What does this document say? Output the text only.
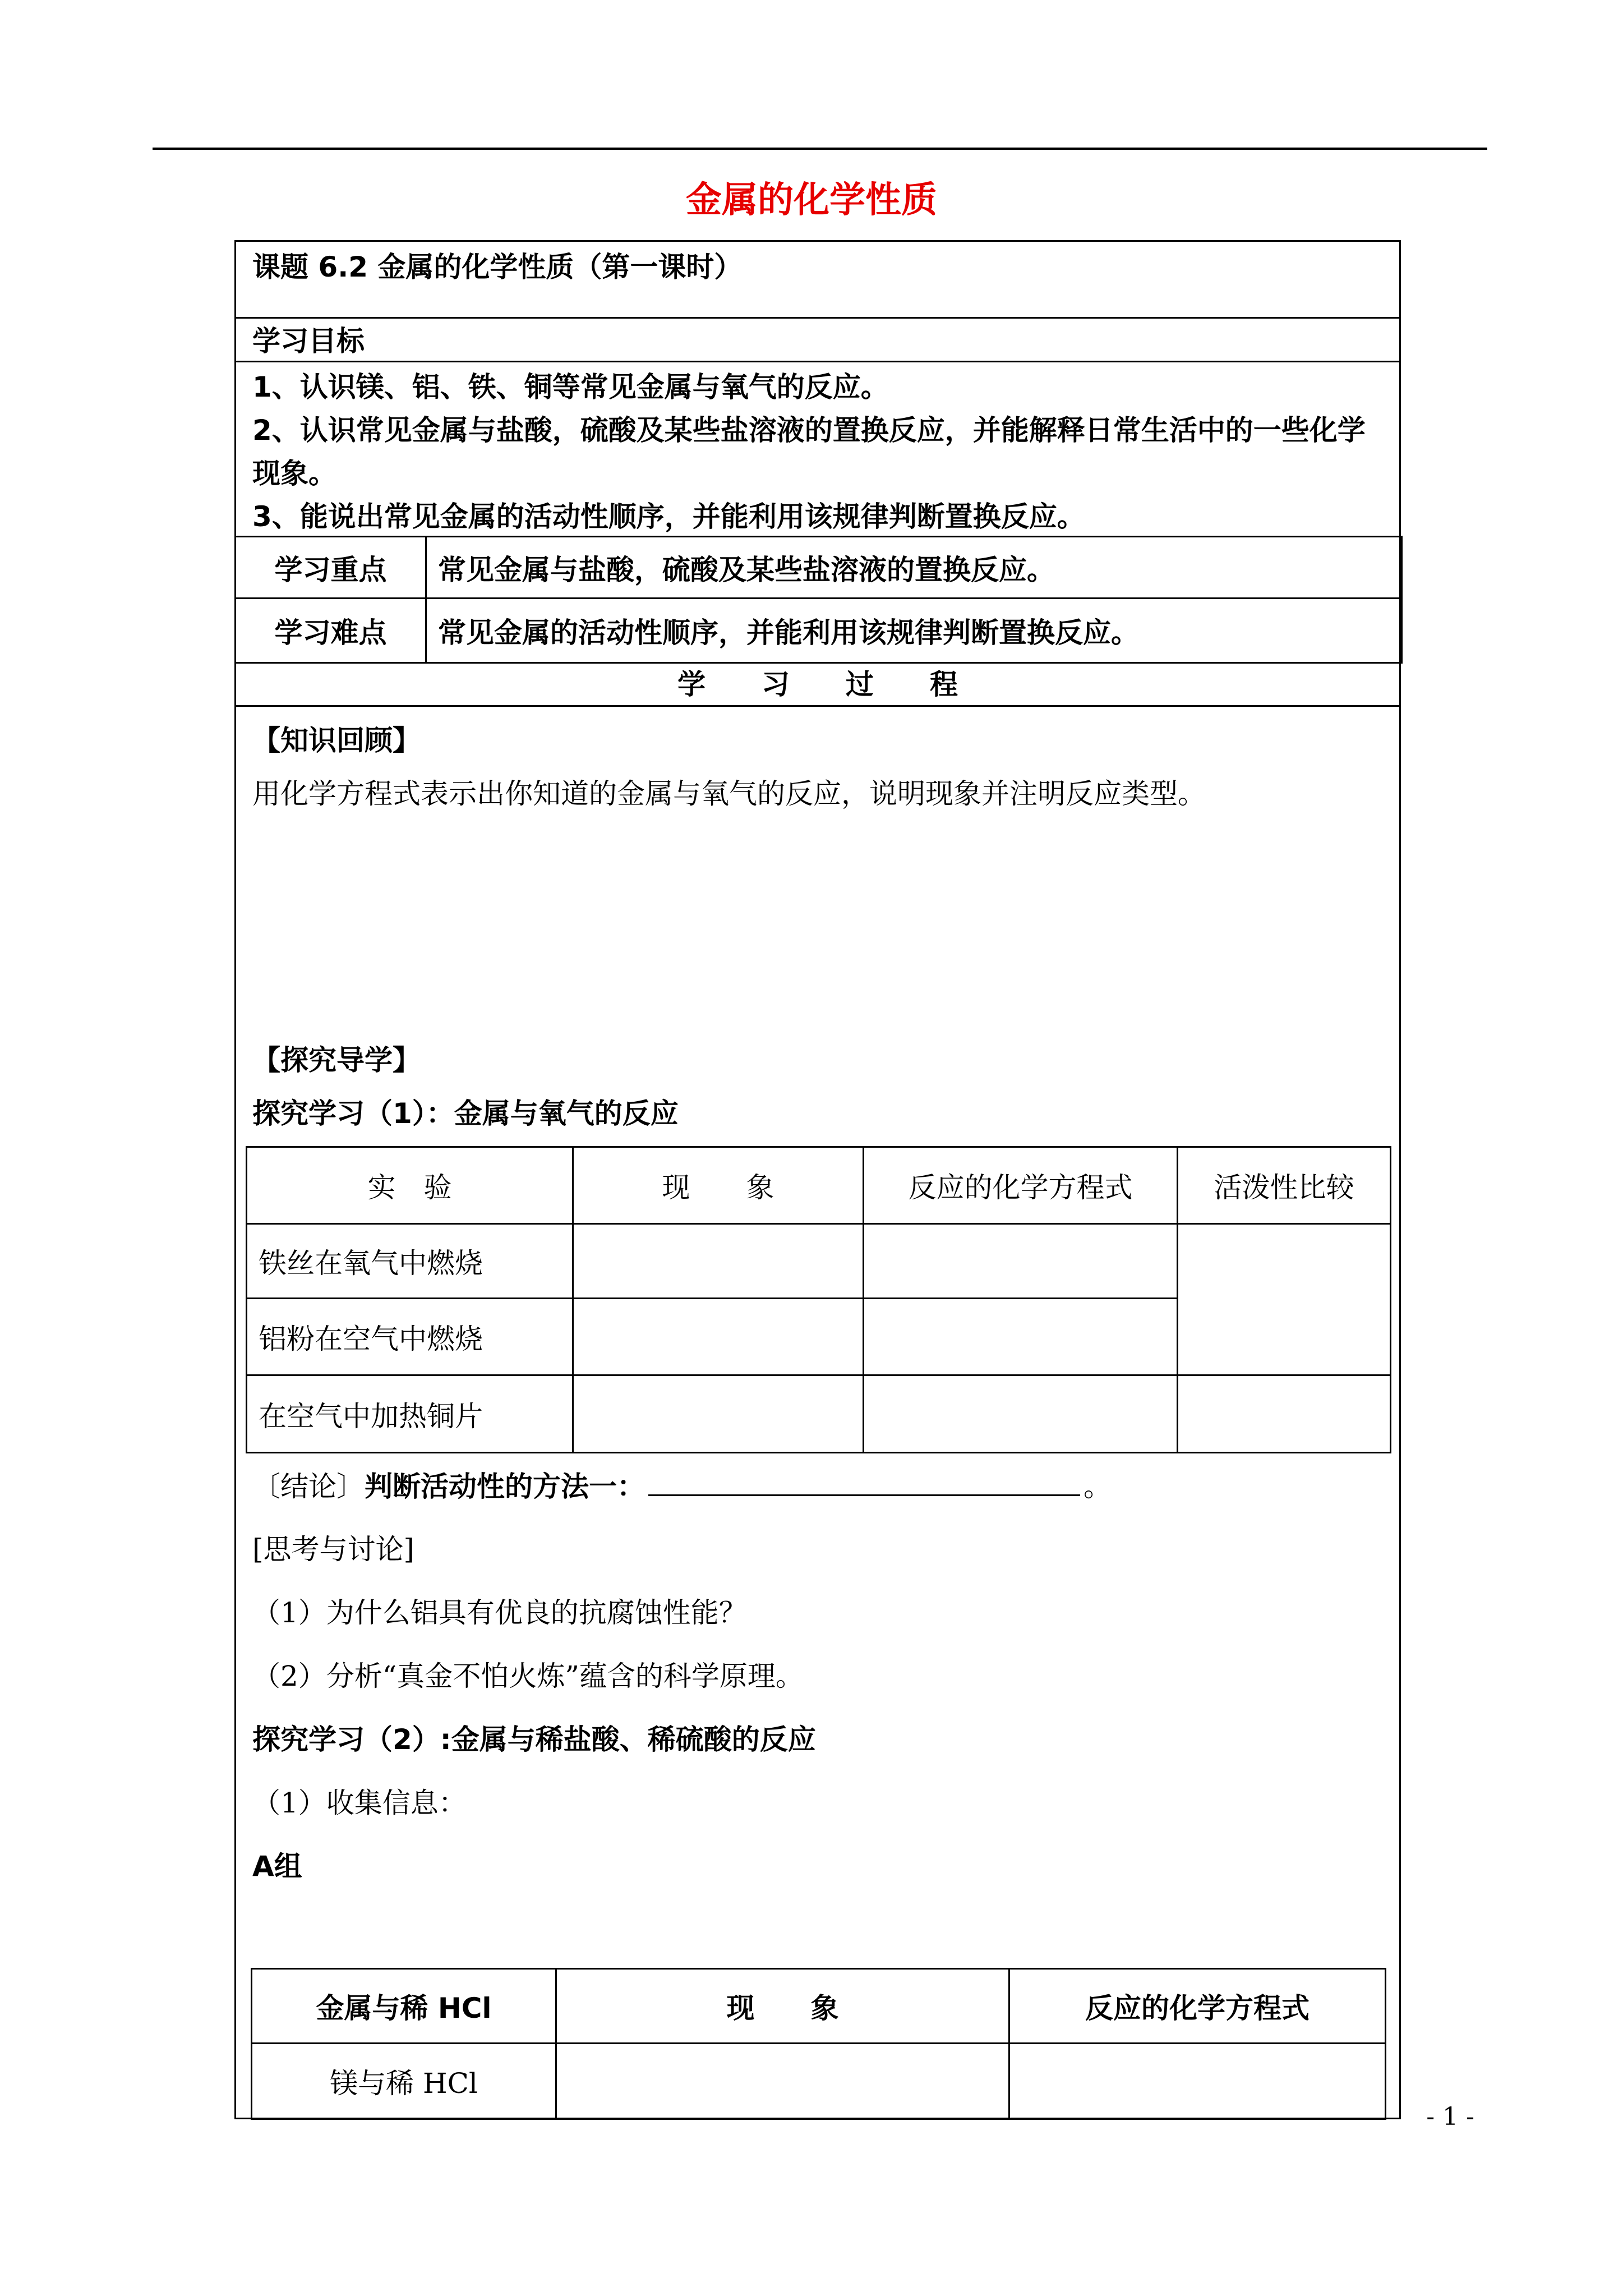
金属的化学性质
课题 6.2 金属的化学性质（第一课时）
学习目标
1、认识镁、铝、铁、铜等常见金属与氧气的反应。
2、认识常见金属与盐酸，硫酸及某些盐溶液的置换反应，并能解释日常生活中的一些化学
现象。
3、能说出常见金属的活动性顺序，并能利用该规律判断置换反应。
学习重点	常见金属与盐酸，硫酸及某些盐溶液的置换反应。
学习难点	常见金属的活动性顺序，并能利用该规律判断置换反应。
学　　习　　过　　程
【知识回顾】
用化学方程式表示出你知道的金属与氧气的反应，说明现象并注明反应类型。
【探究导学】
探究学习（1）：金属与氧气的反应
实　验	现　　象	反应的化学方程式	活泼性比较
铁丝在氧气中燃烧			
铝粉在空气中燃烧			
在空气中加热铜片			
〔结论〕判断活动性的方法一：	。
[思考与讨论]
（1）为什么铝具有优良的抗腐蚀性能？
（2）分析“真金不怕火炼”蕴含的科学原理。
探究学习（2）:金属与稀盐酸、稀硫酸的反应
（1）收集信息：
A组
金属与稀 HCl	现　　象	反应的化学方程式
镁与稀 HCl		
- 1 -
